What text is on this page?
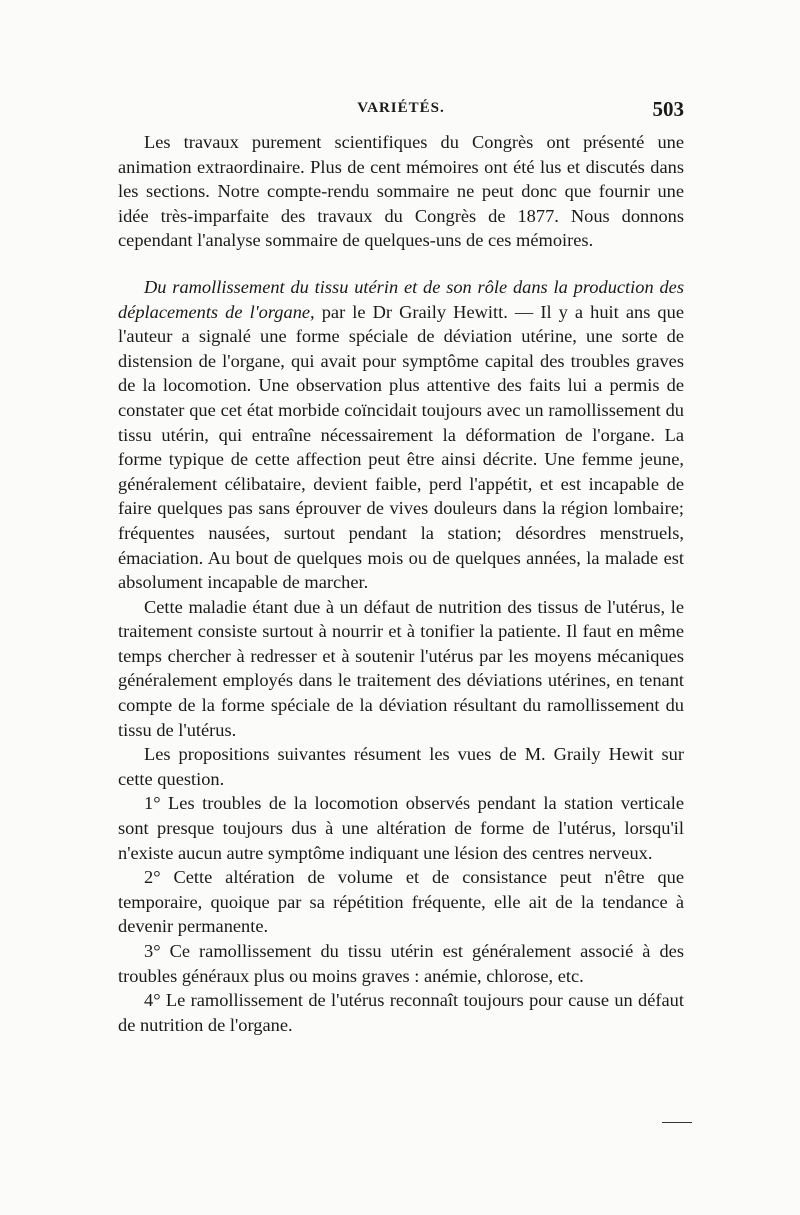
VARIÉTÉS.	503

Les travaux purement scientifiques du Congrès ont présenté une animation extraordinaire. Plus de cent mémoires ont été lus et discutés dans les sections. Notre compte-rendu sommaire ne peut donc que fournir une idée très-imparfaite des travaux du Congrès de 1877. Nous donnons cependant l'analyse sommaire de quelques-uns de ces mémoires.

Du ramollissement du tissu utérin et de son rôle dans la production des déplacements de l'organe, par le Dr Graily Hewitt. — Il y a huit ans que l'auteur a signalé une forme spéciale de déviation utérine, une sorte de distension de l'organe, qui avait pour symptôme capital des troubles graves de la locomotion. Une observation plus attentive des faits lui a permis de constater que cet état morbide coïncidait toujours avec un ramollissement du tissu utérin, qui entraîne nécessairement la déformation de l'organe. La forme typique de cette affection peut être ainsi décrite. Une femme jeune, généralement célibataire, devient faible, perd l'appétit, et est incapable de faire quelques pas sans éprouver de vives douleurs dans la région lombaire; fréquentes nausées, surtout pendant la station; désordres menstruels, émaciation. Au bout de quelques mois ou de quelques années, la malade est absolument incapable de marcher.

Cette maladie étant due à un défaut de nutrition des tissus de l'utérus, le traitement consiste surtout à nourrir et à tonifier la patiente. Il faut en même temps chercher à redresser et à soutenir l'utérus par les moyens mécaniques généralement employés dans le traitement des déviations utérines, en tenant compte de la forme spéciale de la déviation résultant du ramollissement du tissu de l'utérus.

Les propositions suivantes résument les vues de M. Graily Hewit sur cette question.

1° Les troubles de la locomotion observés pendant la station verticale sont presque toujours dus à une altération de forme de l'utérus, lorsqu'il n'existe aucun autre symptôme indiquant une lésion des centres nerveux.

2° Cette altération de volume et de consistance peut n'être que temporaire, quoique par sa répétition fréquente, elle ait de la tendance à devenir permanente.

3° Ce ramollissement du tissu utérin est généralement associé à des troubles généraux plus ou moins graves : anémie, chlorose, etc.

4° Le ramollissement de l'utérus reconnaît toujours pour cause un défaut de nutrition de l'organe.
